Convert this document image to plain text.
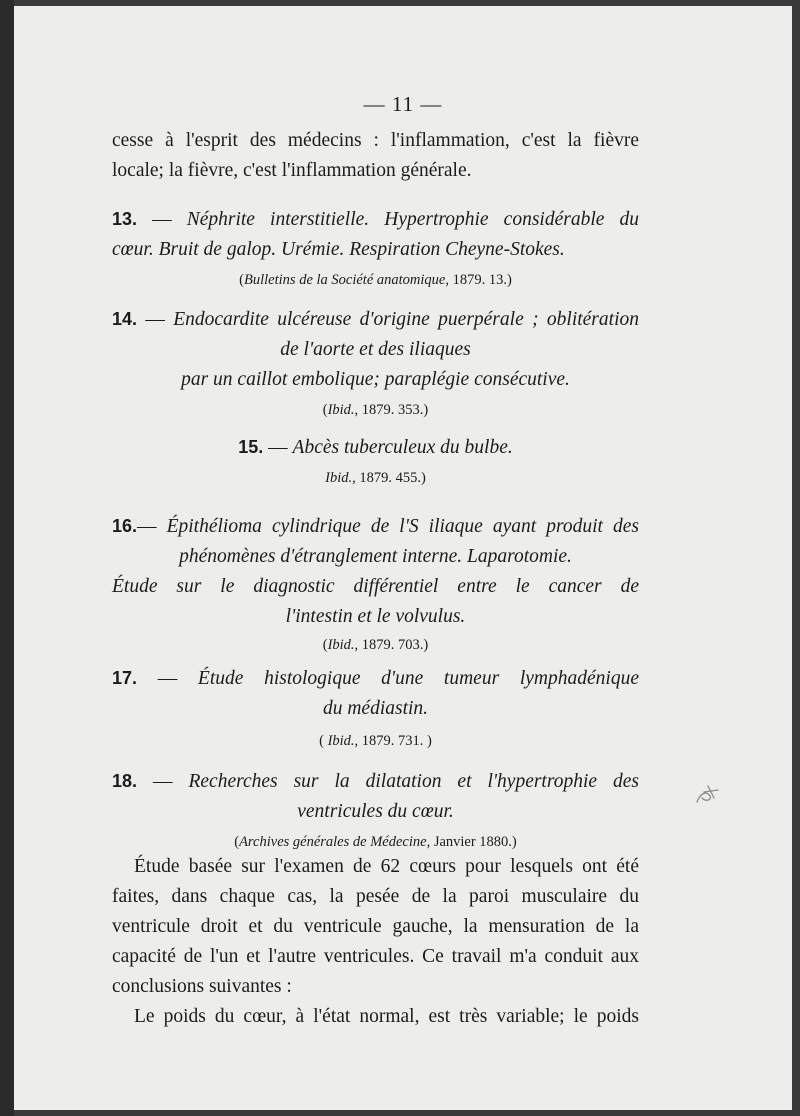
— 11 —
cesse à l'esprit des médecins : l'inflammation, c'est la fièvre
locale; la fièvre, c'est l'inflammation générale.
13. — Néphrite interstitielle. Hypertrophie considérable du
cœur. Bruit de galop. Urémie. Respiration Cheyne-Stokes.
(Bulletins de la Société anatomique, 1879. 13.)
14. — Endocardite ulcéreuse d'origine puerpérale ; oblitération
de l'aorte et des iliaques
par un caillot embolique; paraplégie consécutive.
(Ibid., 1879. 353.)
15. — Abcès tuberculeux du bulbe.
Ibid., 1879. 455.)
16.— Épithélioma cylindrique de l'S iliaque ayant produit des
phénomènes d'étranglement interne. Laparotomie.
Étude sur le diagnostic différentiel entre le cancer de
l'intestin et le volvulus.
(Ibid., 1879. 703.)
17. — Étude histologique d'une tumeur lymphadénique
du médiastin.
( Ibid., 1879. 731. )
18. — Recherches sur la dilatation et l'hypertrophie des
ventricules du cœur.
(Archives générales de Médecine, Janvier 1880.)
Étude basée sur l'examen de 62 cœurs pour lesquels ont été
faites, dans chaque cas, la pesée de la paroi musculaire du
ventricule droit et du ventricule gauche, la mensuration de la
capacité de l'un et l'autre ventricules. Ce travail m'a conduit aux
conclusions suivantes :
Le poids du cœur, à l'état normal, est très variable; le poids
